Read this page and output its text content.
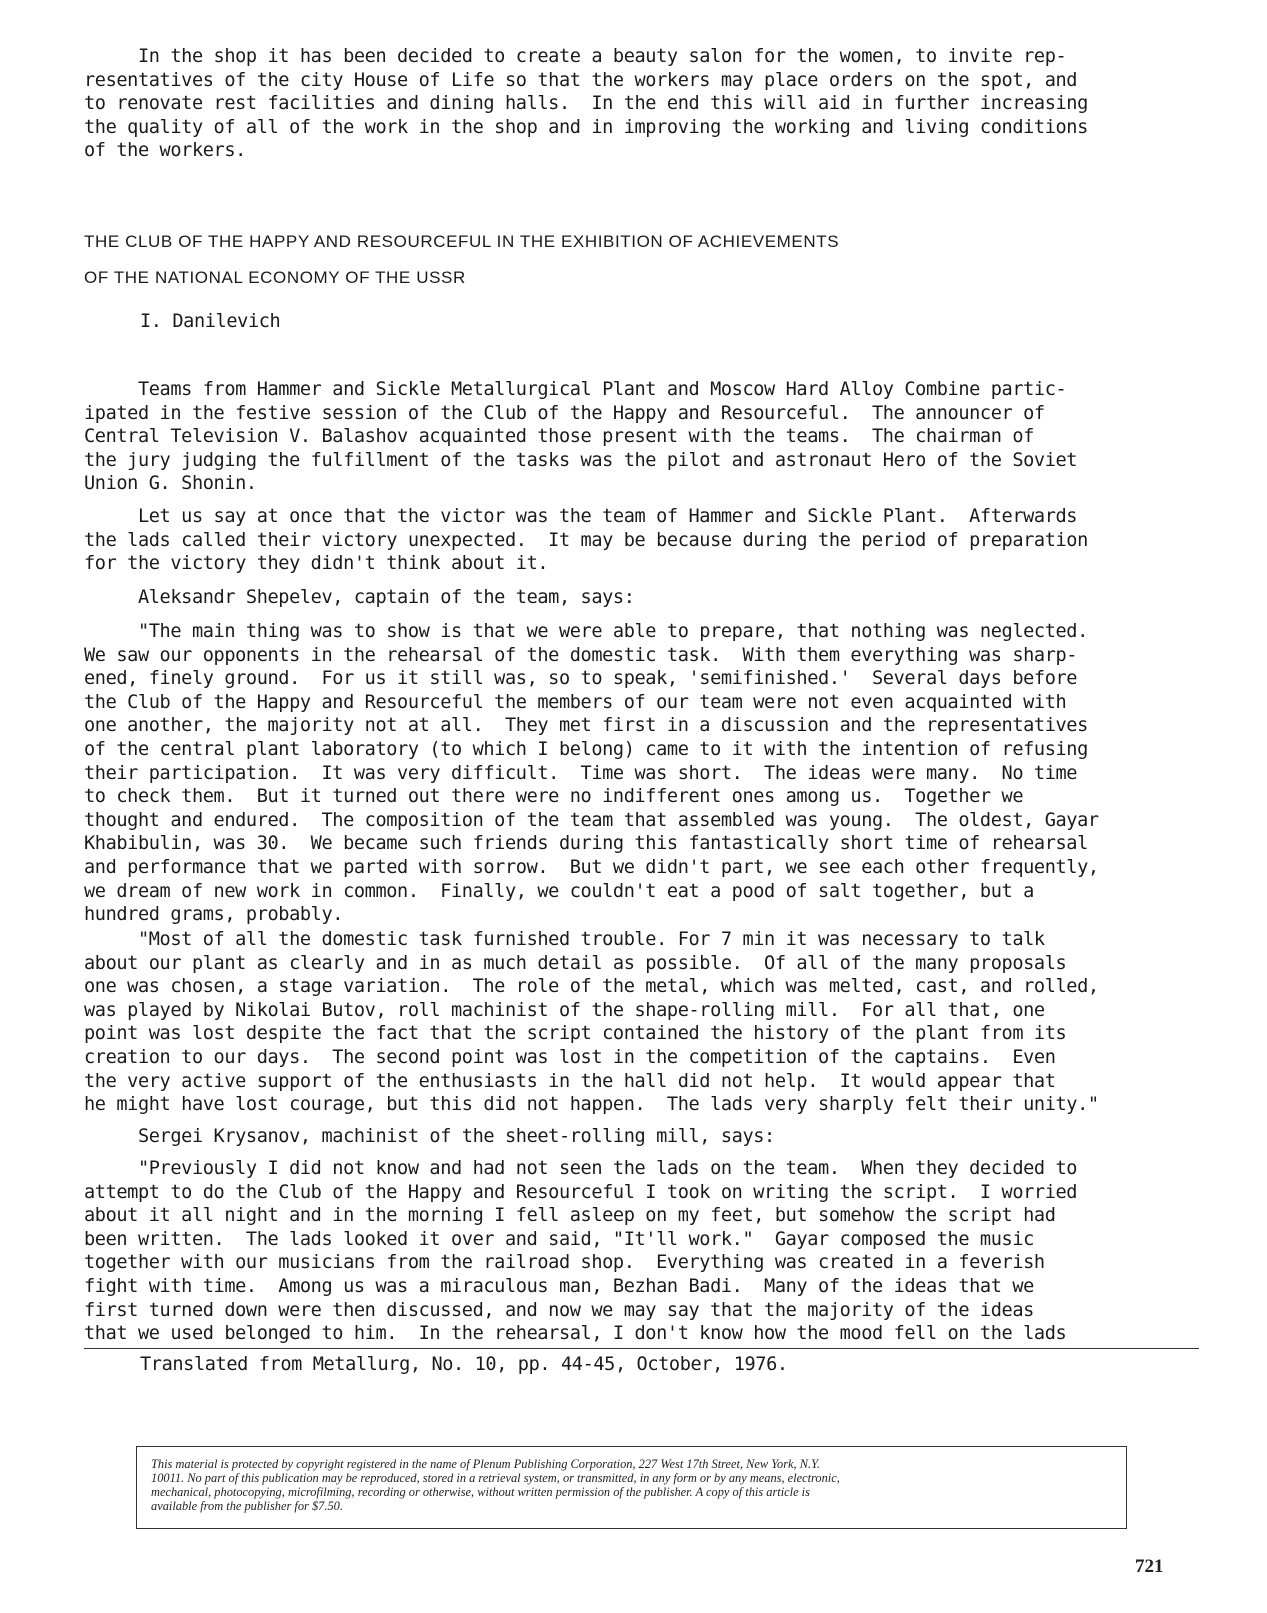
In the shop it has been decided to create a beauty salon for the women, to invite rep-
resentatives of the city House of Life so that the workers may place orders on the spot, and
to renovate rest facilities and dining halls.  In the end this will aid in further increasing
the quality of all of the work in the shop and in improving the working and living conditions
of the workers.
THE CLUB OF THE HAPPY AND RESOURCEFUL IN THE EXHIBITION OF ACHIEVEMENTS
OF THE NATIONAL ECONOMY OF THE USSR
I. Danilevich
Teams from Hammer and Sickle Metallurgical Plant and Moscow Hard Alloy Combine partic-
ipated in the festive session of the Club of the Happy and Resourceful.  The announcer of
Central Television V. Balashov acquainted those present with the teams.  The chairman of
the jury judging the fulfillment of the tasks was the pilot and astronaut Hero of the Soviet
Union G. Shonin.
Let us say at once that the victor was the team of Hammer and Sickle Plant.  Afterwards
the lads called their victory unexpected.  It may be because during the period of preparation
for the victory they didn't think about it.
Aleksandr Shepelev, captain of the team, says:
"The main thing was to show is that we were able to prepare, that nothing was neglected.
We saw our opponents in the rehearsal of the domestic task.  With them everything was sharp-
ened, finely ground.  For us it still was, so to speak, 'semifinished.'  Several days before
the Club of the Happy and Resourceful the members of our team were not even acquainted with
one another, the majority not at all.  They met first in a discussion and the representatives
of the central plant laboratory (to which I belong) came to it with the intention of refusing
their participation.  It was very difficult.  Time was short.  The ideas were many.  No time
to check them.  But it turned out there were no indifferent ones among us.  Together we
thought and endured.  The composition of the team that assembled was young.  The oldest, Gayar
Khabibulin, was 30.  We became such friends during this fantastically short time of rehearsal
and performance that we parted with sorrow.  But we didn't part, we see each other frequently,
we dream of new work in common.  Finally, we couldn't eat a pood of salt together, but a
hundred grams, probably.
"Most of all the domestic task furnished trouble. For 7 min it was necessary to talk
about our plant as clearly and in as much detail as possible.  Of all of the many proposals
one was chosen, a stage variation.  The role of the metal, which was melted, cast, and rolled,
was played by Nikolai Butov, roll machinist of the shape-rolling mill.  For all that, one
point was lost despite the fact that the script contained the history of the plant from its
creation to our days.  The second point was lost in the competition of the captains.  Even
the very active support of the enthusiasts in the hall did not help.  It would appear that
he might have lost courage, but this did not happen.  The lads very sharply felt their unity."
Sergei Krysanov, machinist of the sheet-rolling mill, says:
"Previously I did not know and had not seen the lads on the team.  When they decided to
attempt to do the Club of the Happy and Resourceful I took on writing the script.  I worried
about it all night and in the morning I fell asleep on my feet, but somehow the script had
been written.  The lads looked it over and said, "It'll work."  Gayar composed the music
together with our musicians from the railroad shop.  Everything was created in a feverish
fight with time.  Among us was a miraculous man, Bezhan Badi.  Many of the ideas that we
first turned down were then discussed, and now we may say that the majority of the ideas
that we used belonged to him.  In the rehearsal, I don't know how the mood fell on the lads
Translated from Metallurg, No. 10, pp. 44-45, October, 1976.
This material is protected by copyright registered in the name of Plenum Publishing Corporation, 227 West 17th Street, New York, N.Y.
10011. No part of this publication may be reproduced, stored in a retrieval system, or transmitted, in any form or by any means, electronic,
mechanical, photocopying, microfilming, recording or otherwise, without written permission of the publisher. A copy of this article is
available from the publisher for $7.50.
721
